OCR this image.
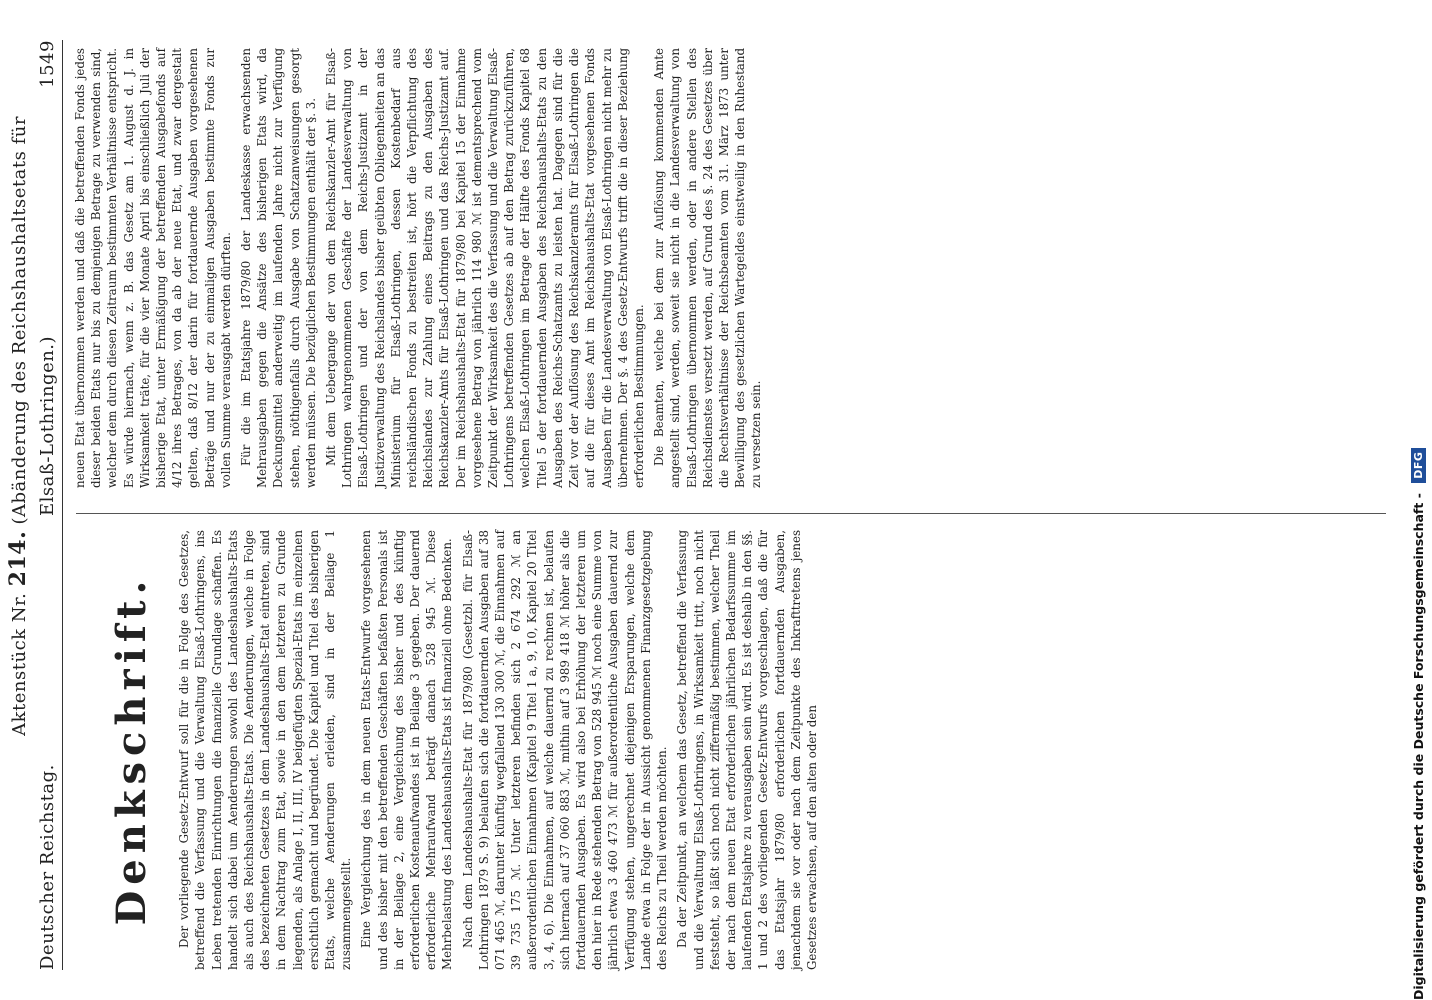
Deutscher Reichstag.
Aktenstück Nr. 214. (Abänderung des Reichshaushaltsetats für Elsaß-Lothringen.)
1549
Denkschrift. Der vorliegende Gesetz-Entwurf soll für die in Folge des Gesetzes, betreffend die Verfassung und die Verwaltung Elsaß-Lothringens, ins Leben tretenden Einrichtungen die finanzielle Grundlage schaffen. Es handelt sich dabei um Aenderungen sowohl des Landeshaushalts-Etats als auch des Reichshaushalts-Etats. Die Aenderungen, welche in Folge des bezeichneten Gesetzes in dem Landeshaushalts-Etat eintreten, sind in dem Nachtrag zum Etat, sowie in den dem letzteren zu Grunde liegenden, als Anlage I, II, III, IV beigefügten Spezial-Etats im einzelnen ersichtlich gemacht und begründet. Die Kapitel und Titel des bisherigen Etats, welche Aenderungen erleiden, sind in der Beilage 1 zusammengestellt. Eine Vergleichung des in dem neuen Etats-Entwurfe vorgesehenen und des bisher mit den betreffenden Geschäften befaßten Personals ist in der Beilage 2, eine Vergleichung des bisher und des künftig erforderlichen Kostenaufwandes ist in Beilage 3 gegeben. Der dauernd erforderliche Mehraufwand beträgt danach 528 945 ℳ. Diese Mehrbelastung des Landeshaushalts-Etats ist finanziell ohne Bedenken. Nach dem Landeshaushalts-Etat für 1879/80 (Gesetzbl. für Elsaß-Lothringen 1879 S. 9) belaufen sich die fortdauernden Ausgaben auf 38 071 465 ℳ, darunter künftig wegfallend 130 300 ℳ, die Einnahmen auf 39 735 175 ℳ. Unter letzteren befinden sich 2 674 292 ℳ an außerordentlichen Einnahmen (Kapitel 9 Titel 1 a, 9, 10, Kapitel 20 Titel 3, 4, 6). Die Einnahmen, auf welche dauernd zu rechnen ist, belaufen sich hiernach auf 37 060 883 ℳ, mithin auf 3 989 418 ℳ höher als die fortdauernden Ausgaben. Es wird also bei Erhöhung der letzteren um den hier in Rede stehenden Betrag von 528 945 ℳ noch eine Summe von jährlich etwa 3 460 473 ℳ für außerordentliche Ausgaben dauernd zur Verfügung stehen, ungerechnet diejenigen Ersparungen, welche dem Lande etwa in Folge der in Aussicht genommenen Finanzgesetzgebung des Reichs zu Theil werden möchten. Da der Zeitpunkt, an welchem das Gesetz, betreffend die Verfassung und die Verwaltung Elsaß-Lothringens, in Wirksamkeit tritt, noch nicht feststeht, so läßt sich noch nicht ziffermäßig bestimmen, welcher Theil der nach dem neuen Etat erforderlichen jährlichen Bedarfssumme im laufenden Etatsjahre zu verausgaben sein wird. Es ist deshalb in den §§. 1 und 2 des vorliegenden Gesetz-Entwurfs vorgeschlagen, daß die für das Etatsjahr 1879/80 erforderlichen fortdauernden Ausgaben, jenachdem sie vor oder nach dem Zeitpunkte des Inkrafttretens jenes Gesetzes erwachsen, auf den alten oder den

neuen Etat übernommen werden und daß die betreffenden Fonds jedes dieser beiden Etats nur bis zu demjenigen Betrage zu verwenden sind, welcher dem durch diesen Zeitraum bestimmten Verhältnisse entspricht. Es würde hiernach, wenn z. B. das Gesetz am 1. August d. J. in Wirksamkeit träte, für die vier Monate April bis einschließlich Juli der bisherige Etat, unter Ermäßigung der betreffenden Ausgabefonds auf 4/12 ihres Betrages, von da ab der neue Etat, und zwar dergestalt gelten, daß 8/12 der darin für fortdauernde Ausgaben vorgesehenen Beträge und nur der zu einmaligen Ausgaben bestimmte Fonds zur vollen Summe verausgabt werden dürften. Für die im Etatsjahre 1879/80 der Landeskasse erwachsenden Mehrausgaben gegen die Ansätze des bisherigen Etats wird, da Deckungsmittel anderweitig im laufenden Jahre nicht zur Verfügung stehen, nöthigenfalls durch Ausgabe von Schatzanweisungen gesorgt werden müssen. Die bezüglichen Bestimmungen enthält der §. 3. Mit dem Uebergange der von dem Reichskanzler-Amt für Elsaß-Lothringen wahrgenommenen Geschäfte der Landesverwaltung von Elsaß-Lothringen und der von dem Reichs-Justizamt in der Justizverwaltung des Reichslandes bisher geübten Obliegenheiten an das Ministerium für Elsaß-Lothringen, dessen Kostenbedarf aus reichsländischen Fonds zu bestreiten ist, hört die Verpflichtung des Reichslandes zur Zahlung eines Beitrags zu den Ausgaben des Reichskanzler-Amts für Elsaß-Lothringen und das Reichs-Justizamt auf. Der im Reichshaushalts-Etat für 1879/80 bei Kapitel 15 der Einnahme vorgesehene Betrag von jährlich 114 980 ℳ ist dementsprechend vom Zeitpunkt der Wirksamkeit des die Verfassung und die Verwaltung Elsaß-Lothringens betreffenden Gesetzes ab auf den Betrag zurückzuführen, welchen Elsaß-Lothringen im Betrage der Hälfte des Fonds Kapitel 68 Titel 5 der fortdauernden Ausgaben des Reichshaushalts-Etats zu den Ausgaben des Reichs-Schatzamts zu leisten hat. Dagegen sind für die Zeit vor der Auflösung des Reichskanzleramts für Elsaß-Lothringen die auf die für dieses Amt im Reichshaushalts-Etat vorgesehenen Fonds Ausgaben für die Landesverwaltung von Elsaß-Lothringen nicht mehr zu übernehmen. Der §. 4 des Gesetz-Entwurfs trifft die in dieser Beziehung erforderlichen Bestimmungen. Die Beamten, welche bei dem zur Auflösung kommenden Amte angestellt sind, werden, soweit sie nicht in die Landesverwaltung von Elsaß-Lothringen übernommen werden, oder in andere Stellen des Reichsdienstes versetzt werden, auf Grund des §. 24 des Gesetzes über die Rechtsverhältnisse der Reichsbeamten vom 31. März 1873 unter Bewilligung des gesetzlichen Wartegeldes einstweilig in den Ruhestand zu versetzen sein.

Digitalisierung gefördert durch die Deutsche Forschungsgemeinschaft - DFG
